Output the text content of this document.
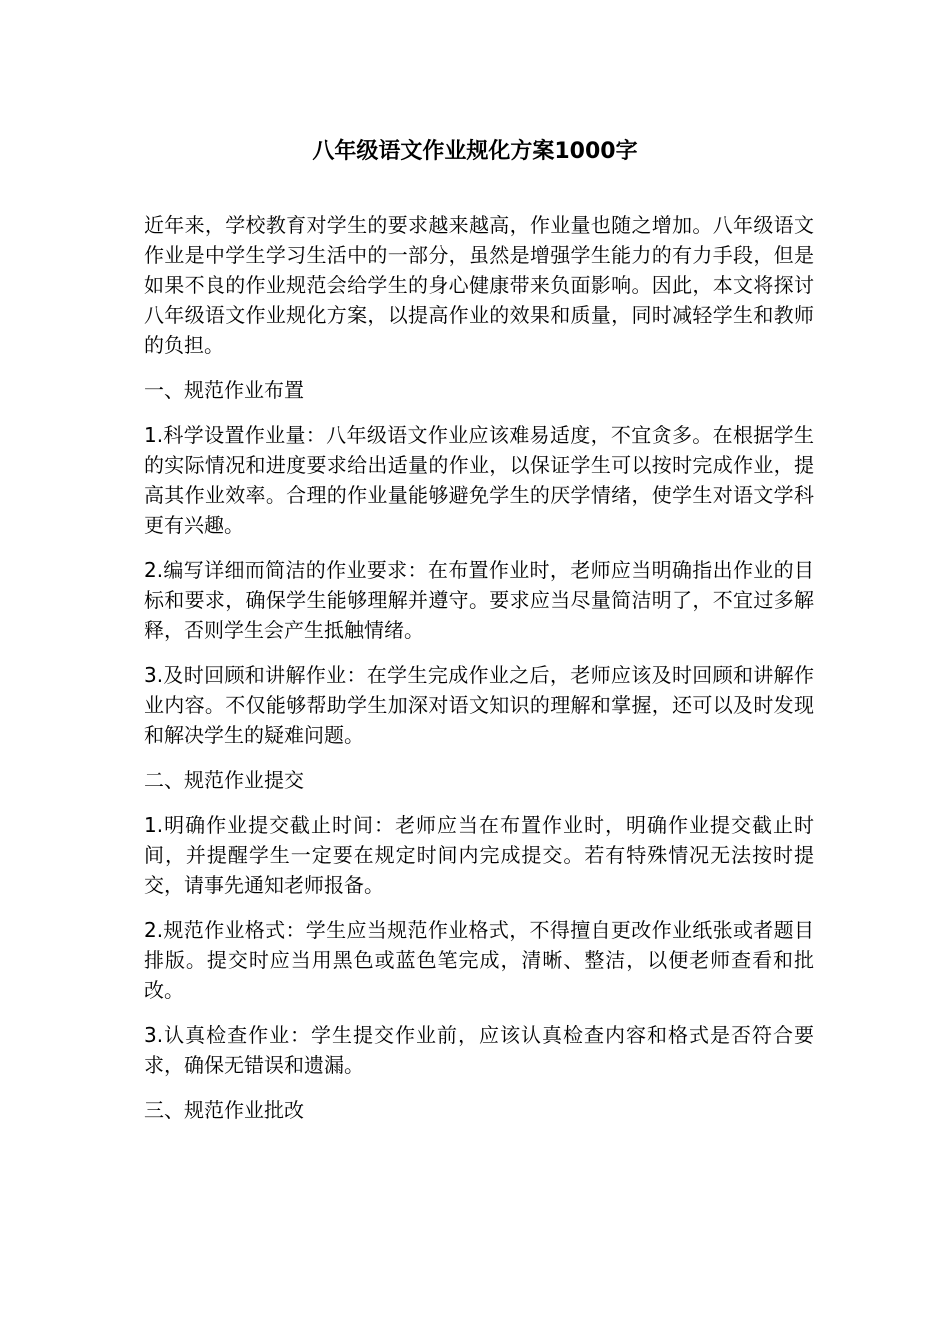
八年级语文作业规化方案1000字

近年来，学校教育对学生的要求越来越高，作业量也随之增加。八年级语文作业是中学生学习生活中的一部分，虽然是增强学生能力的有力手段，但是如果不良的作业规范会给学生的身心健康带来负面影响。因此，本文将探讨八年级语文作业规化方案，以提高作业的效果和质量，同时减轻学生和教师的负担。

一、规范作业布置

1.科学设置作业量：八年级语文作业应该难易适度，不宜贪多。在根据学生的实际情况和进度要求给出适量的作业，以保证学生可以按时完成作业，提高其作业效率。合理的作业量能够避免学生的厌学情绪，使学生对语文学科更有兴趣。

2.编写详细而简洁的作业要求：在布置作业时，老师应当明确指出作业的目标和要求，确保学生能够理解并遵守。要求应当尽量简洁明了，不宜过多解释，否则学生会产生抵触情绪。

3.及时回顾和讲解作业：在学生完成作业之后，老师应该及时回顾和讲解作业内容。不仅能够帮助学生加深对语文知识的理解和掌握，还可以及时发现和解决学生的疑难问题。

二、规范作业提交

1.明确作业提交截止时间：老师应当在布置作业时，明确作业提交截止时间，并提醒学生一定要在规定时间内完成提交。若有特殊情况无法按时提交，请事先通知老师报备。

2.规范作业格式：学生应当规范作业格式，不得擅自更改作业纸张或者题目排版。提交时应当用黑色或蓝色笔完成，清晰、整洁，以便老师查看和批改。

3.认真检查作业：学生提交作业前，应该认真检查内容和格式是否符合要求，确保无错误和遗漏。

三、规范作业批改
